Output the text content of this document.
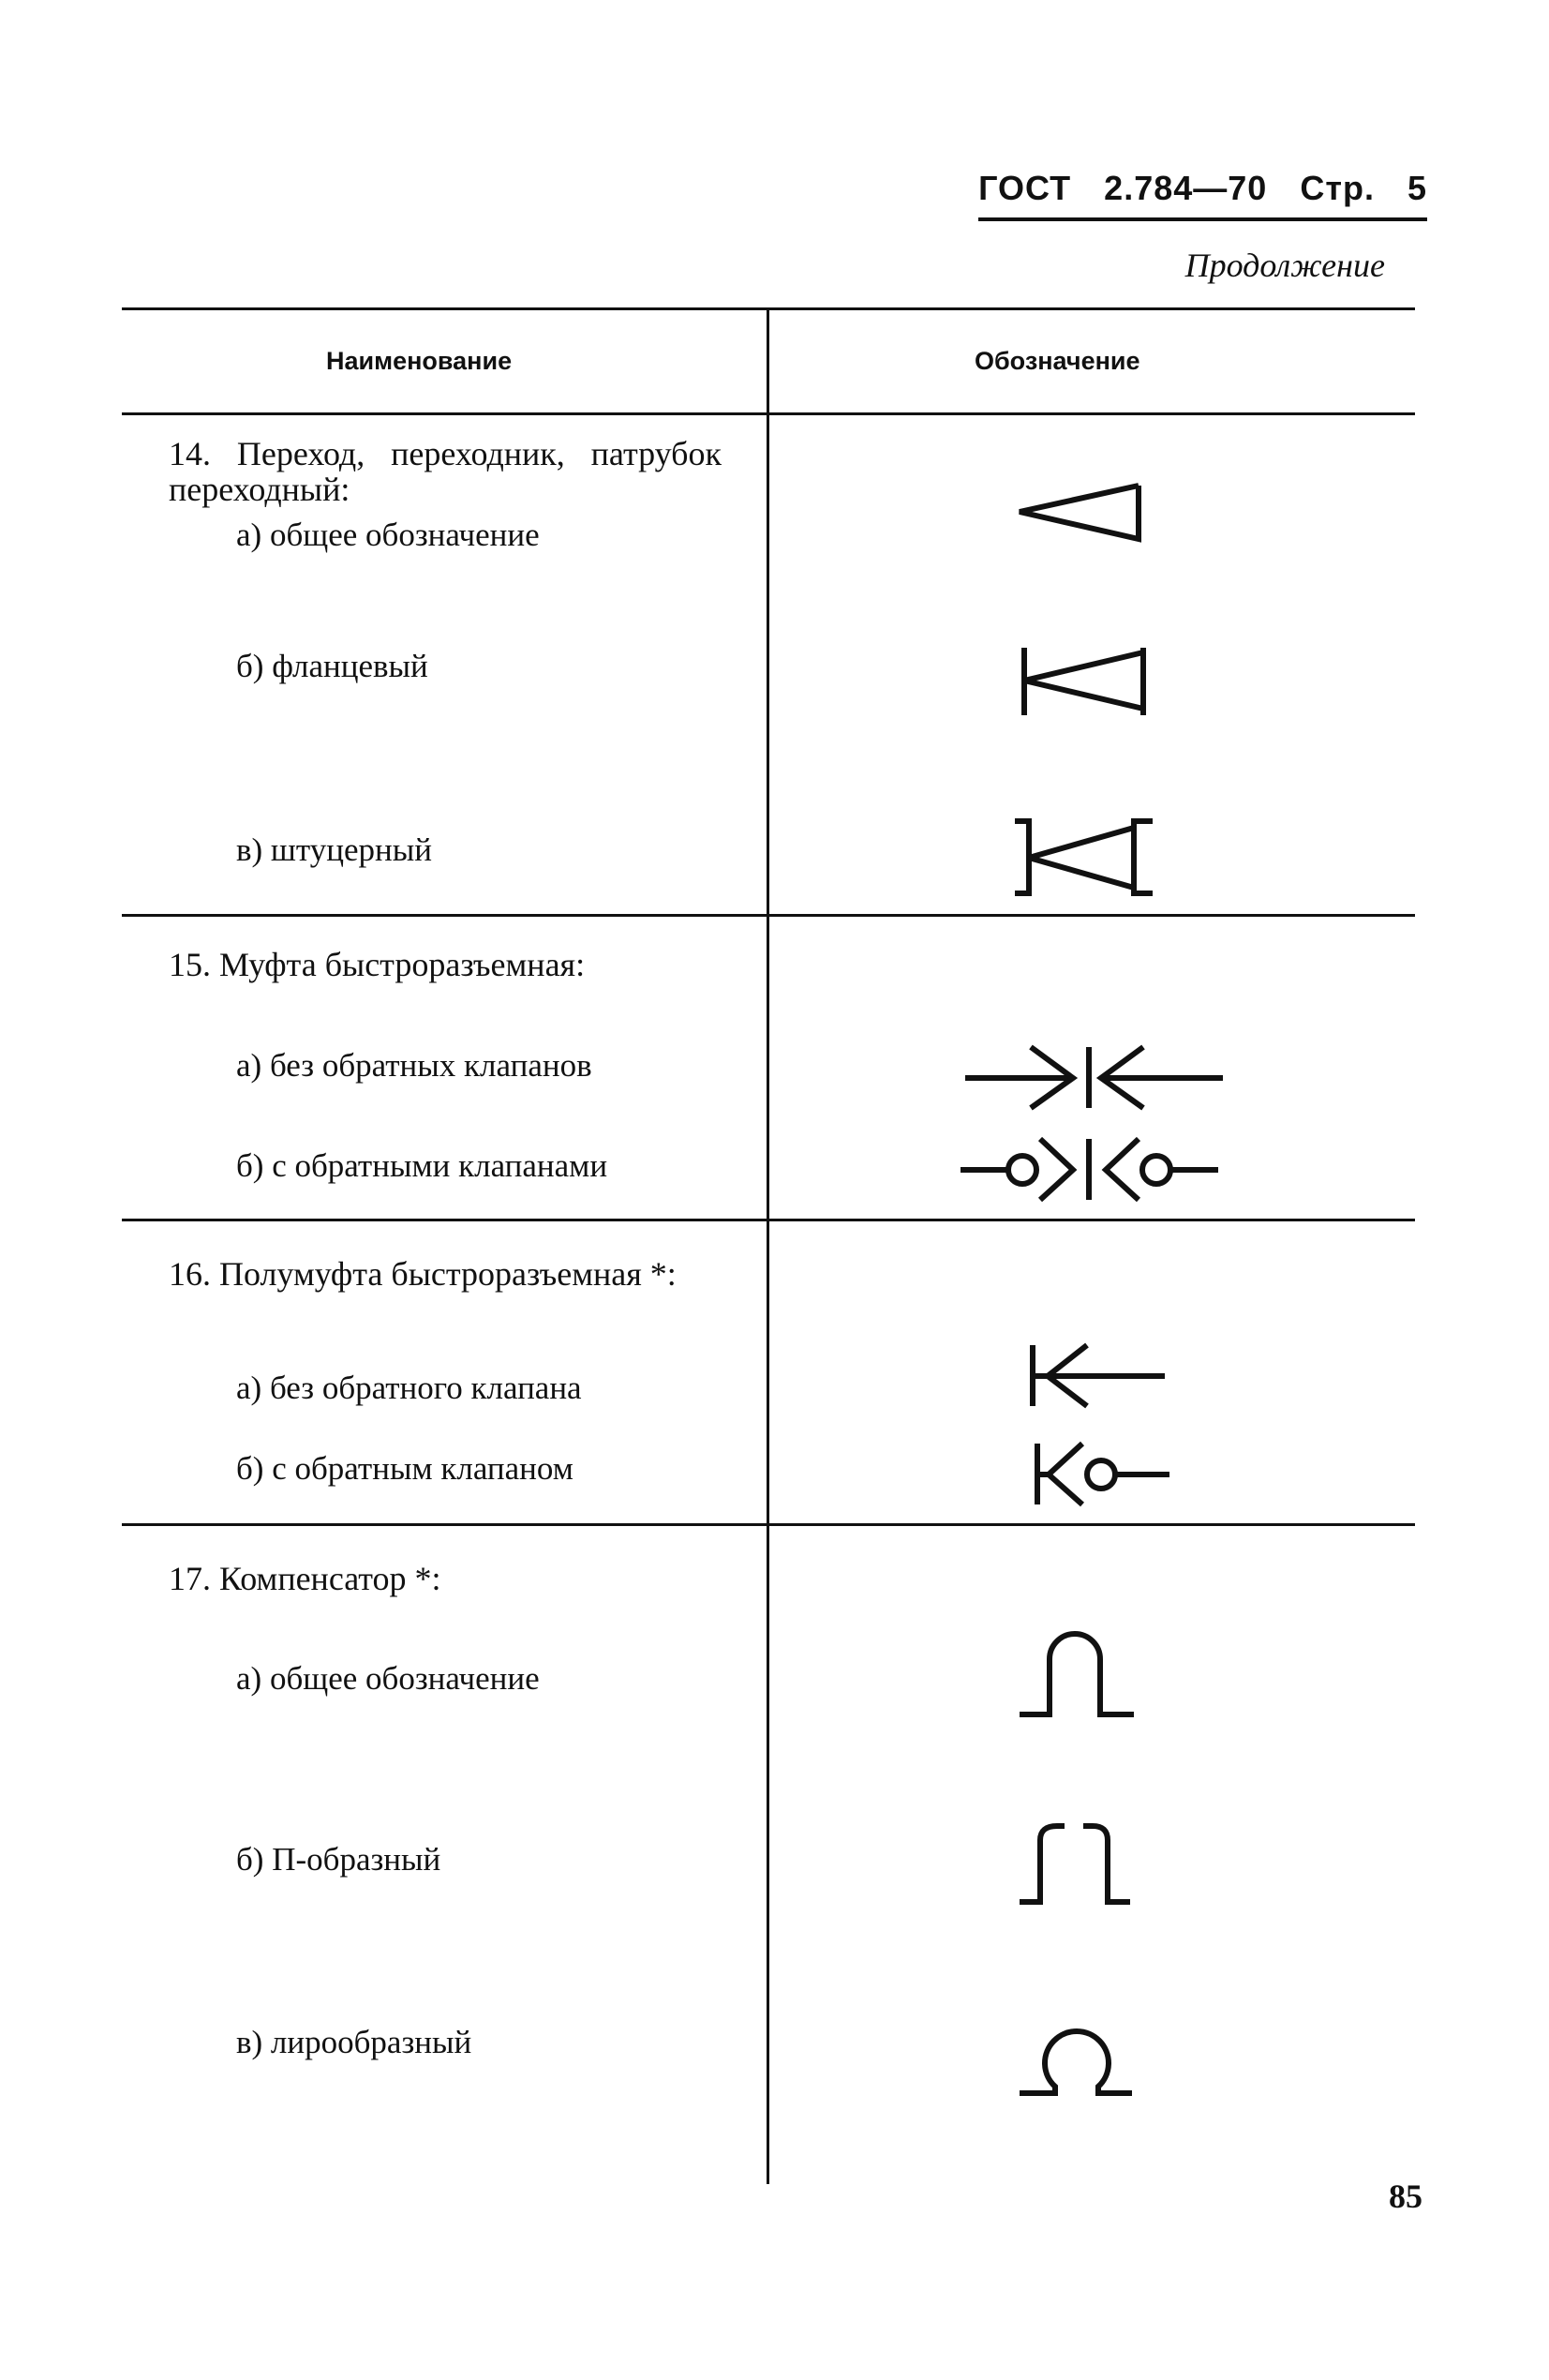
ГОСТ 2.784—70 Стр. 5
Продолжение
Наименование	Обозначение
14. Переход, переходник, патрубок переходный:
а) общее обозначение
б) фланцевый
в) штуцерный
15. Муфта быстроразъемная:
а) без обратных клапанов
б) с обратными клапанами
16. Полумуфта быстроразъемная *:
а) без обратного клапана
б) с обратным клапаном
17. Компенсатор *:
а) общее обозначение
б) П-образный
в) лирообразный
85
